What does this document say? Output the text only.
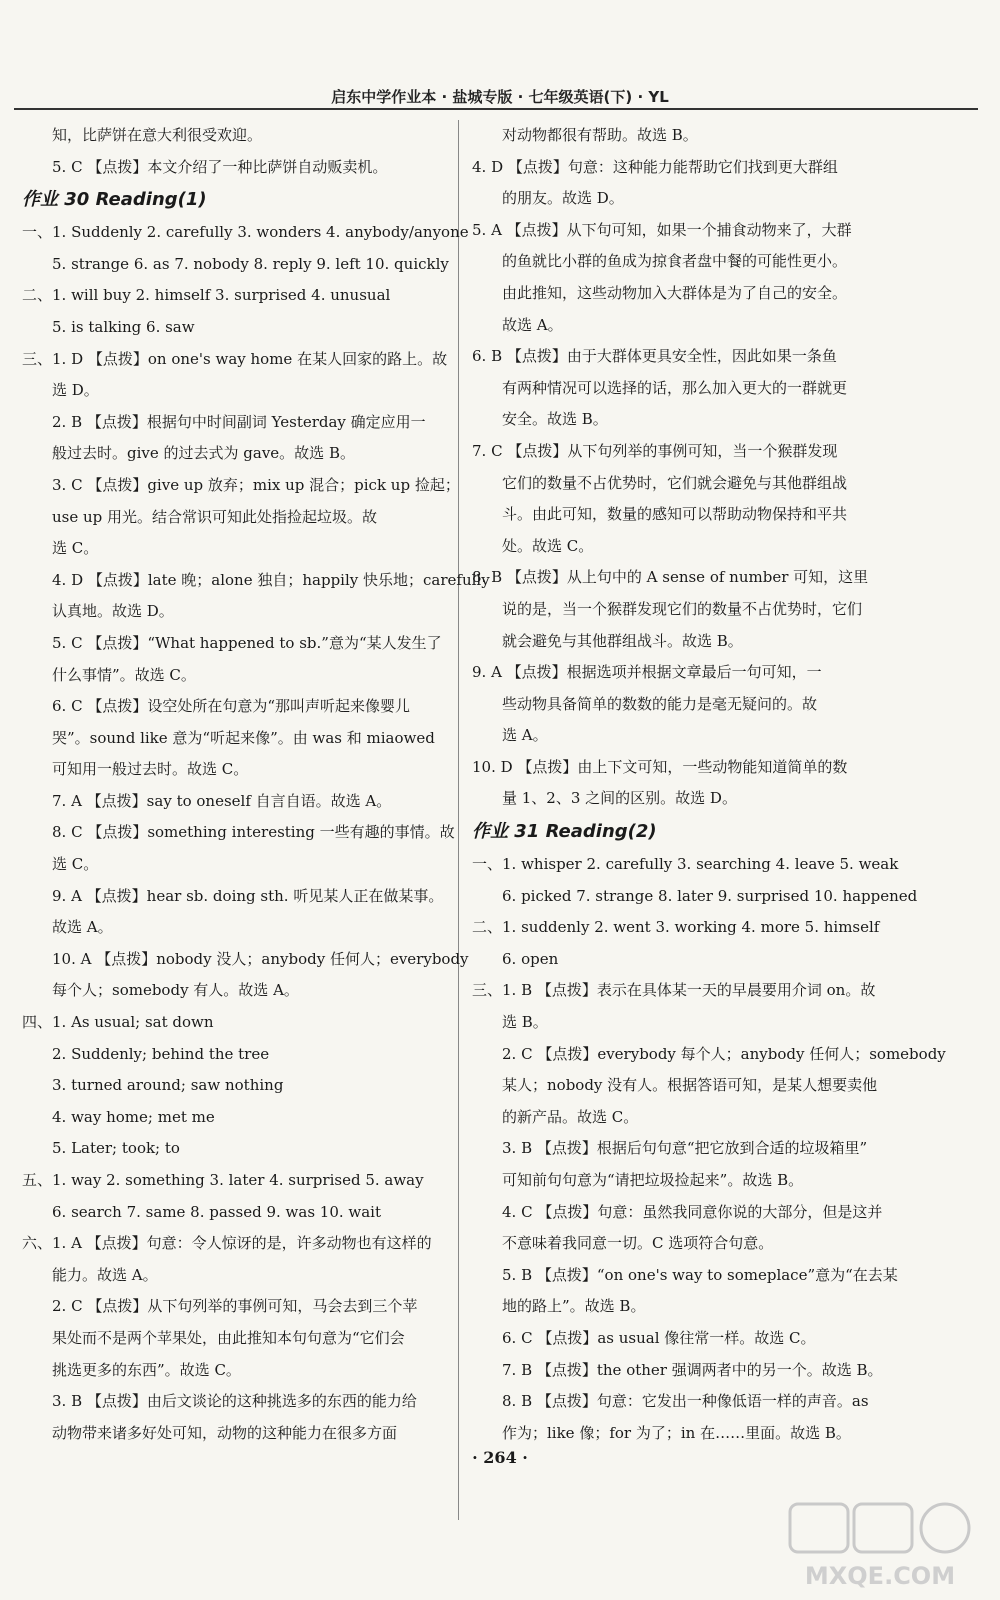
启东中学作业本 · 盐城专版 · 七年级英语(下) · YL
知，比萨饼在意大利很受欢迎。
5. C 【点拨】本文介绍了一种比萨饼自动贩卖机。
作业 30 Reading(1)
一、1. Suddenly 2. carefully 3. wonders 4. anybody/anyone
5. strange 6. as 7. nobody 8. reply 9. left 10. quickly
二、1. will buy 2. himself 3. surprised 4. unusual
5. is talking 6. saw
三、1. D 【点拨】on one's way home 在某人回家的路上。故
选 D。
2. B 【点拨】根据句中时间副词 Yesterday 确定应用一
般过去时。give 的过去式为 gave。故选 B。
3. C 【点拨】give up 放弃；mix up 混合；pick up 捡起；
use up 用光。结合常识可知此处指捡起垃圾。故
选 C。
4. D 【点拨】late 晚；alone 独自；happily 快乐地；carefully
认真地。故选 D。
5. C 【点拨】“What happened to sb.”意为“某人发生了
什么事情”。故选 C。
6. C 【点拨】设空处所在句意为“那叫声听起来像婴儿
哭”。sound like 意为“听起来像”。由 was 和 miaowed
可知用一般过去时。故选 C。
7. A 【点拨】say to oneself 自言自语。故选 A。
8. C 【点拨】something interesting 一些有趣的事情。故
选 C。
9. A 【点拨】hear sb. doing sth. 听见某人正在做某事。
故选 A。
10. A 【点拨】nobody 没人；anybody 任何人；everybody
每个人；somebody 有人。故选 A。
四、1. As usual; sat down
2. Suddenly; behind the tree
3. turned around; saw nothing
4. way home; met me
5. Later; took; to
五、1. way 2. something 3. later 4. surprised 5. away
6. search 7. same 8. passed 9. was 10. wait
六、1. A 【点拨】句意：令人惊讶的是，许多动物也有这样的
能力。故选 A。
2. C 【点拨】从下句列举的事例可知，马会去到三个苹
果处而不是两个苹果处，由此推知本句句意为“它们会
挑选更多的东西”。故选 C。
3. B 【点拨】由后文谈论的这种挑选多的东西的能力给
动物带来诸多好处可知，动物的这种能力在很多方面
对动物都很有帮助。故选 B。
4. D 【点拨】句意：这种能力能帮助它们找到更大群组
的朋友。故选 D。
5. A 【点拨】从下句可知，如果一个捕食动物来了，大群
的鱼就比小群的鱼成为掠食者盘中餐的可能性更小。
由此推知，这些动物加入大群体是为了自己的安全。
故选 A。
6. B 【点拨】由于大群体更具安全性，因此如果一条鱼
有两种情况可以选择的话，那么加入更大的一群就更
安全。故选 B。
7. C 【点拨】从下句列举的事例可知，当一个猴群发现
它们的数量不占优势时，它们就会避免与其他群组战
斗。由此可知，数量的感知可以帮助动物保持和平共
处。故选 C。
8. B 【点拨】从上句中的 A sense of number 可知，这里
说的是，当一个猴群发现它们的数量不占优势时，它们
就会避免与其他群组战斗。故选 B。
9. A 【点拨】根据选项并根据文章最后一句可知，一
些动物具备简单的数数的能力是毫无疑问的。故
选 A。
10. D 【点拨】由上下文可知，一些动物能知道简单的数
量 1、2、3 之间的区别。故选 D。
作业 31 Reading(2)
一、1. whisper 2. carefully 3. searching 4. leave 5. weak
6. picked 7. strange 8. later 9. surprised 10. happened
二、1. suddenly 2. went 3. working 4. more 5. himself
6. open
三、1. B 【点拨】表示在具体某一天的早晨要用介词 on。故
选 B。
2. C 【点拨】everybody 每个人；anybody 任何人；somebody
某人；nobody 没有人。根据答语可知，是某人想要卖他
的新产品。故选 C。
3. B 【点拨】根据后句句意“把它放到合适的垃圾箱里”
可知前句句意为“请把垃圾捡起来”。故选 B。
4. C 【点拨】句意：虽然我同意你说的大部分，但是这并
不意味着我同意一切。C 选项符合句意。
5. B 【点拨】“on one's way to someplace”意为“在去某
地的路上”。故选 B。
6. C 【点拨】as usual 像往常一样。故选 C。
7. B 【点拨】the other 强调两者中的另一个。故选 B。
8. B 【点拨】句意：它发出一种像低语一样的声音。as
作为；like 像；for 为了；in 在……里面。故选 B。
· 264 ·
MXQE.COM
